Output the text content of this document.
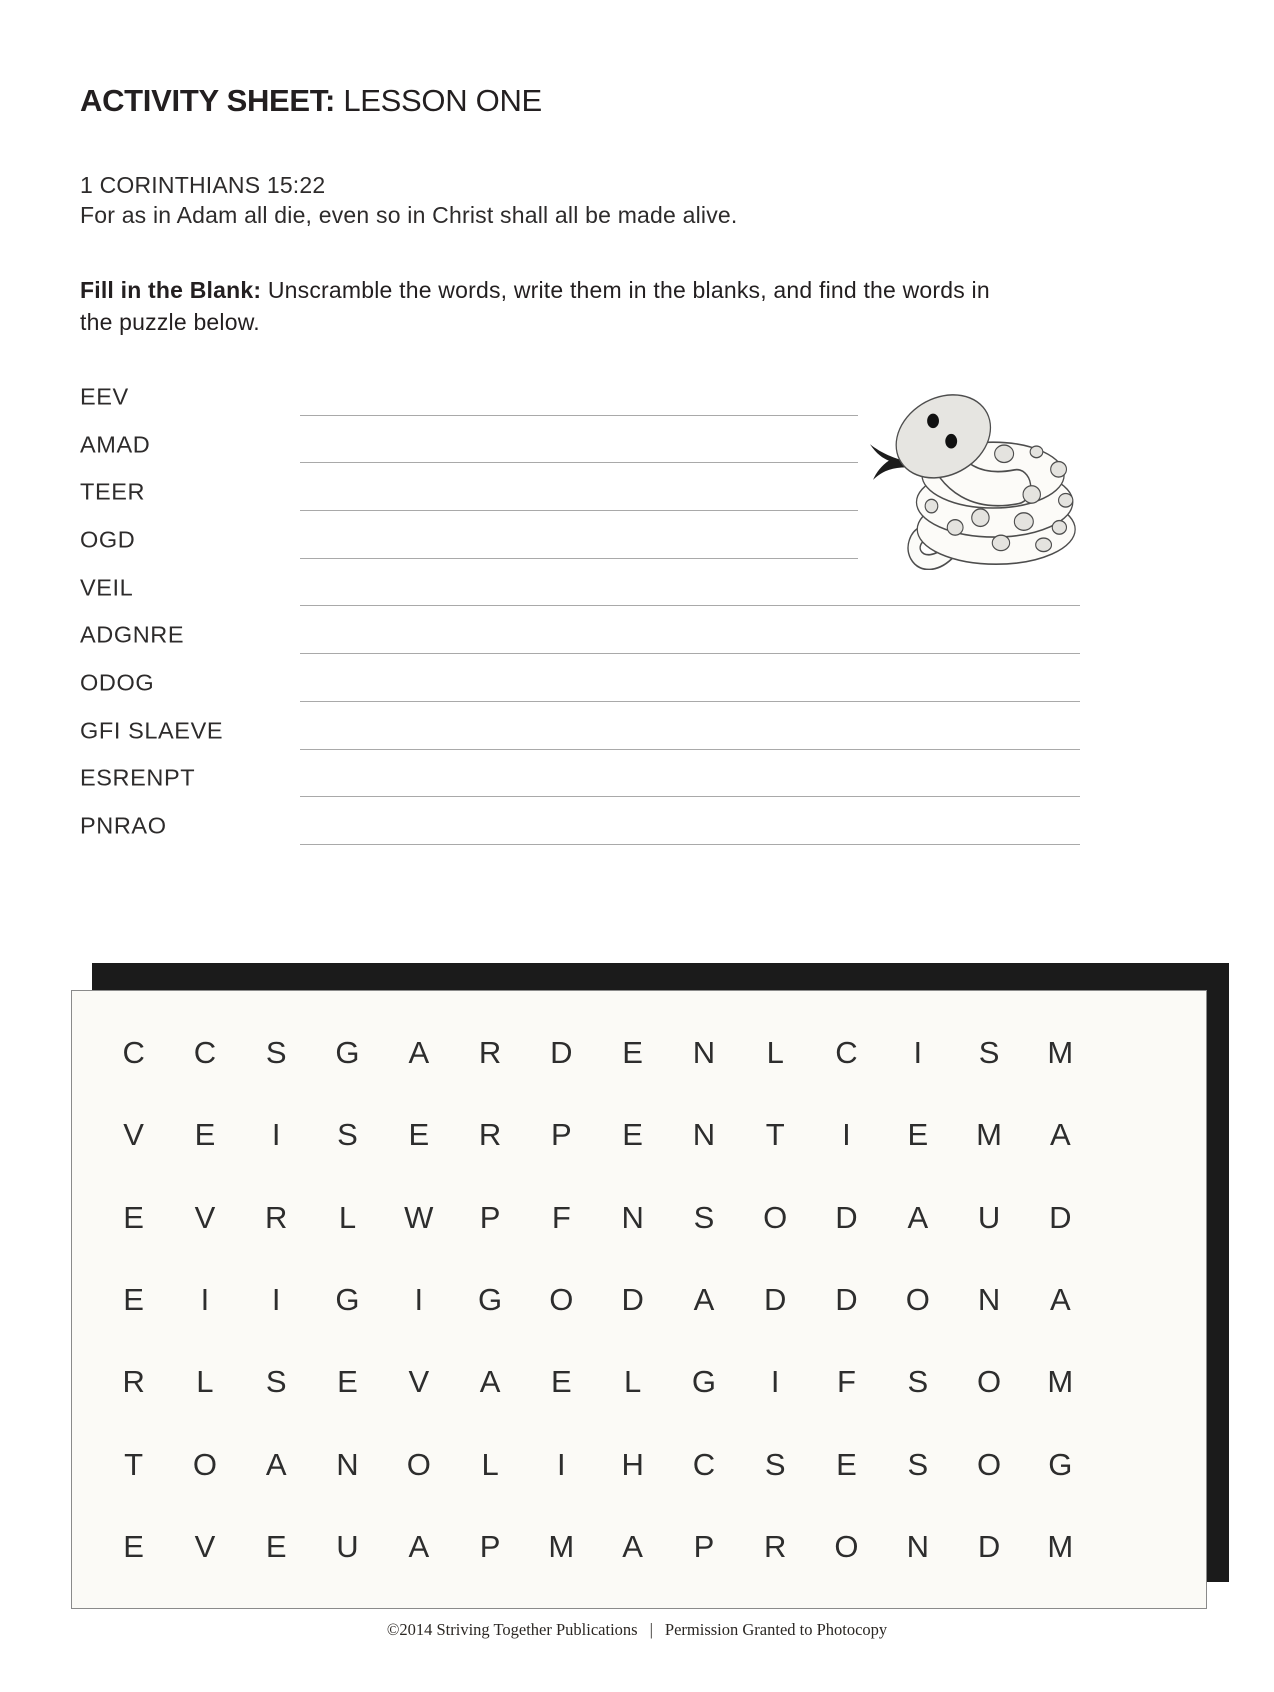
ACTIVITY SHEET: LESSON ONE
1 CORINTHIANS 15:22
For as in Adam all die, even so in Christ shall all be made alive.
Fill in the Blank: Unscramble the words, write them in the blanks, and find the words in the puzzle below.
EEV
AMAD
TEER
OGD
VEIL
ADGNRE
ODOG
GFI SLAEVE
ESRENPT
PNRAO
C	C	S	G	A	R	D	E	N	L	C	I	S	M
V	E	I	S	E	R	P	E	N	T	I	E	M	A
E	V	R	L	W	P	F	N	S	O	D	A	U	D
E	I	I	G	I	G	O	D	A	D	D	O	N	A
R	L	S	E	V	A	E	L	G	I	F	S	O	M
T	O	A	N	O	L	I	H	C	S	E	S	O	G
E	V	E	U	A	P	M	A	P	R	O	N	D	M
©2014 Striving Together Publications | Permission Granted to Photocopy
